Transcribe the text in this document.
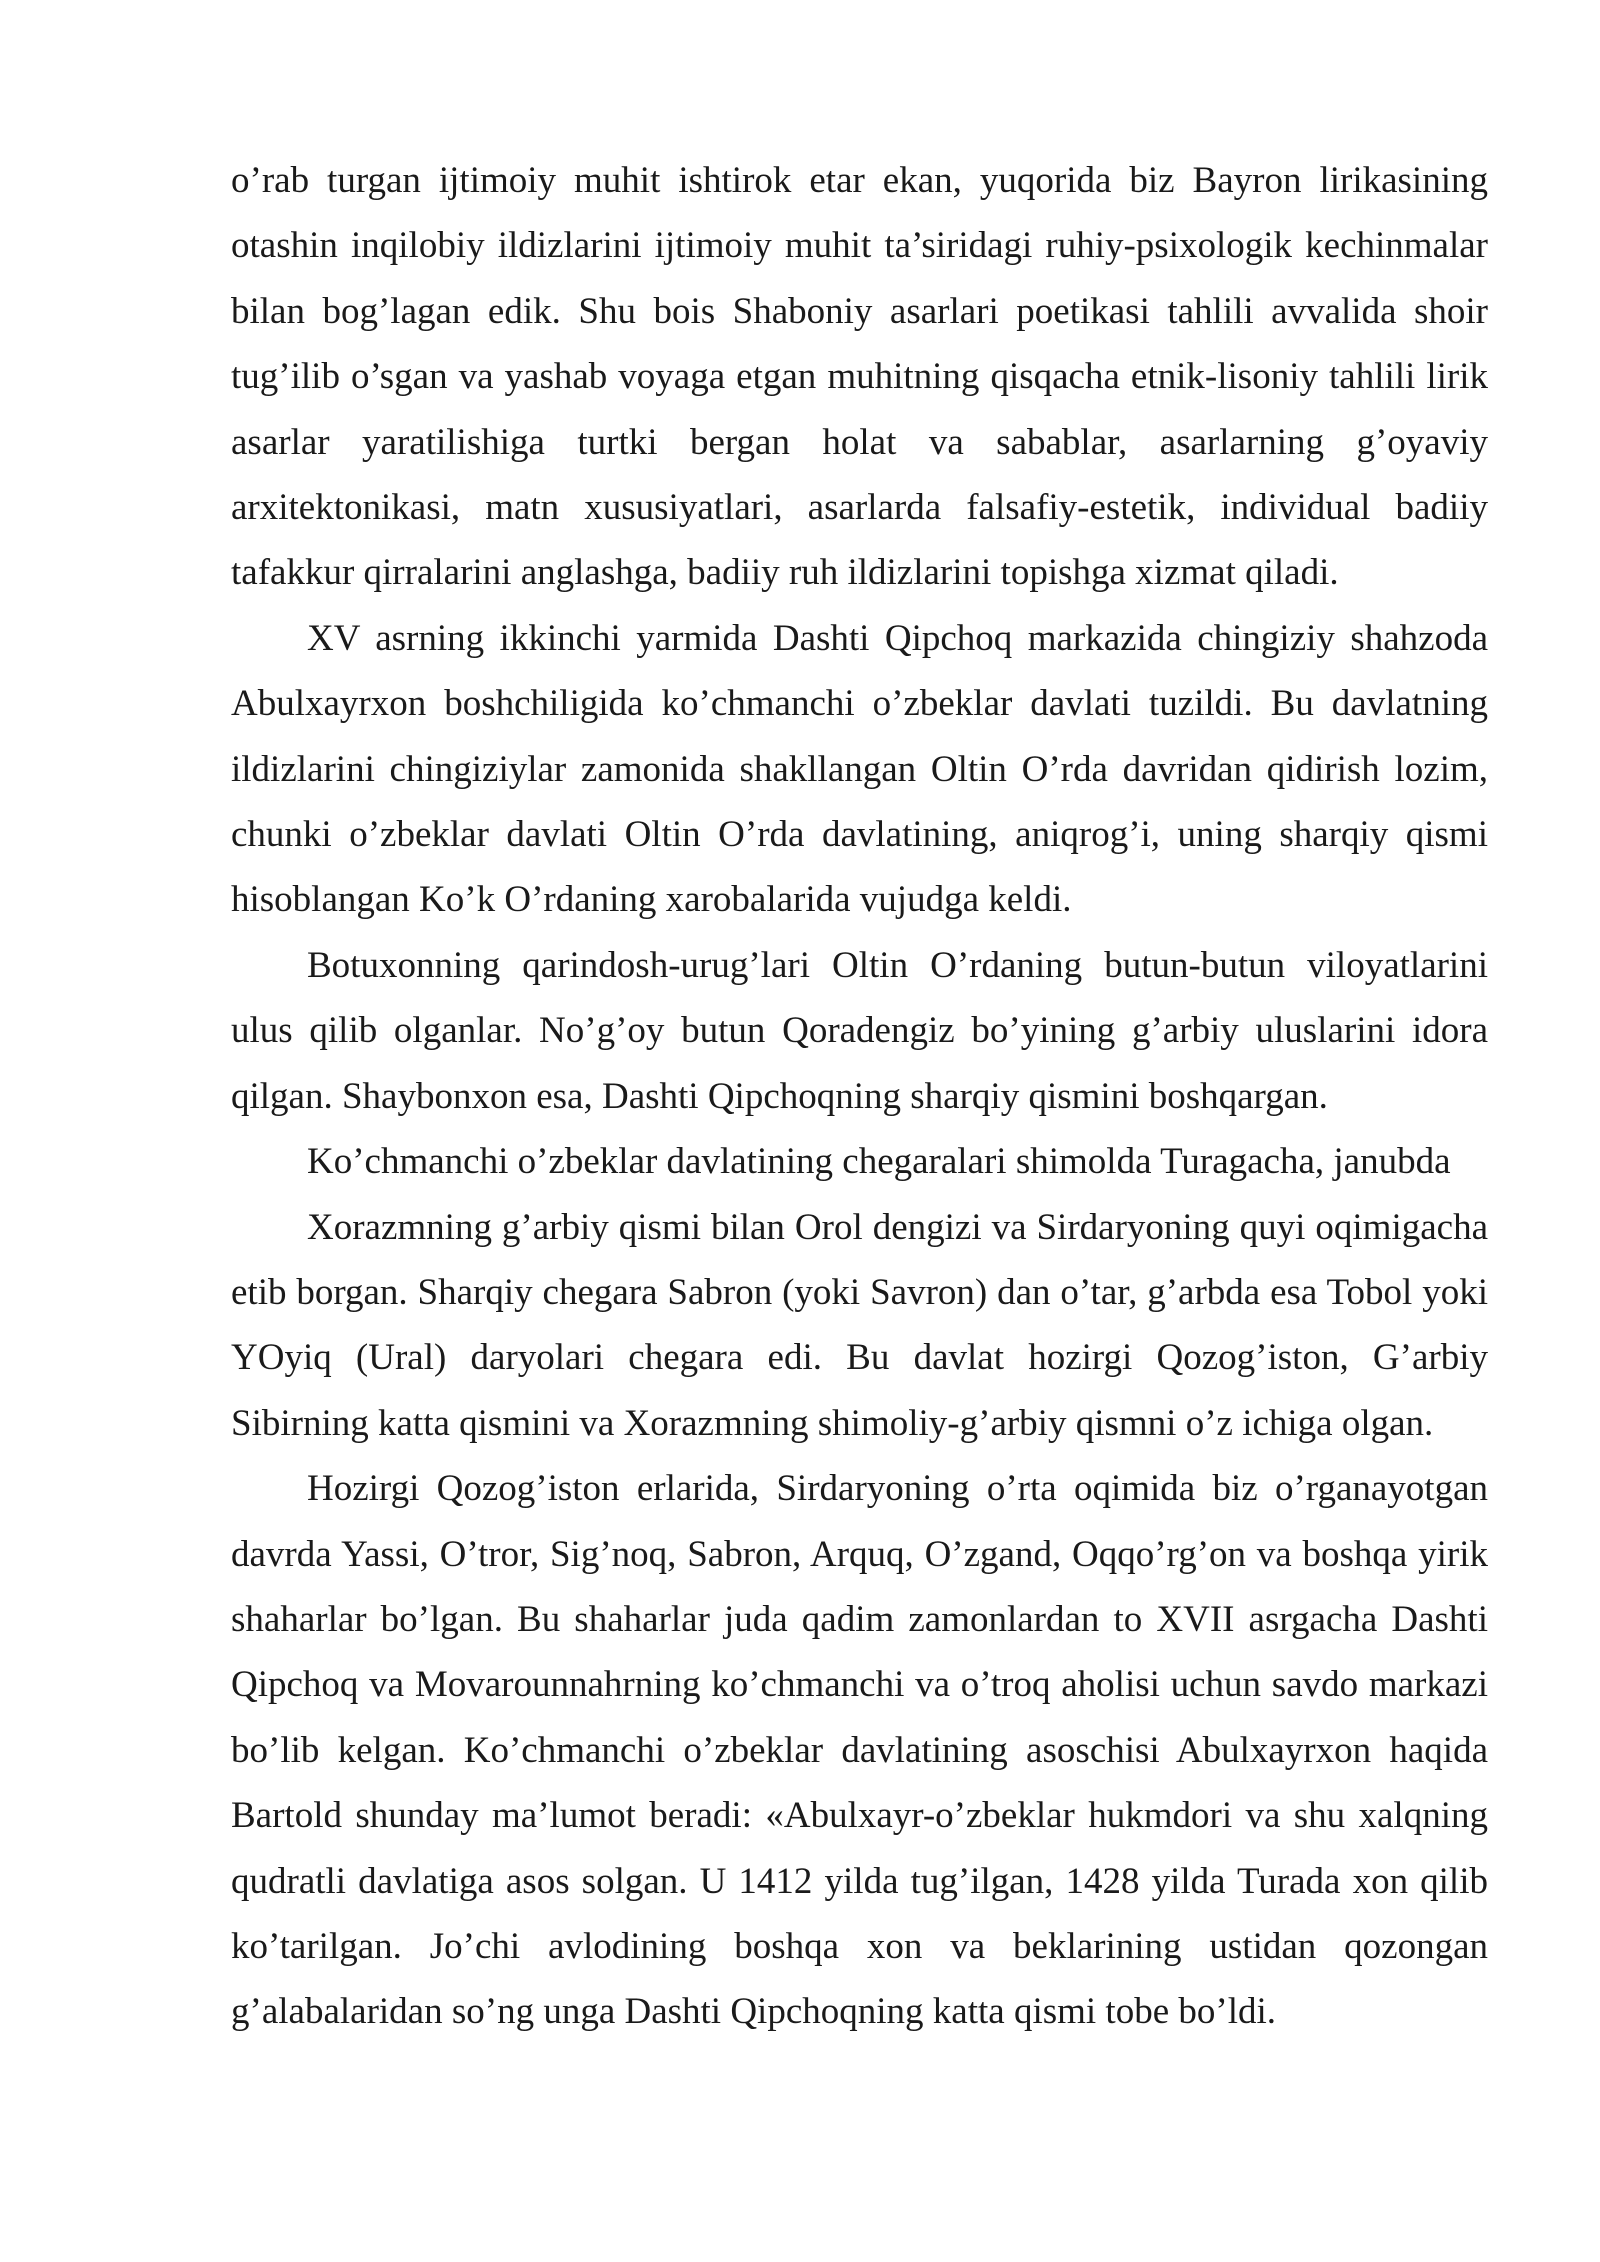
o’rab turgan ijtimoiy muhit ishtirok etar ekan, yuqorida biz Bayron lirikasining otashin inqilobiy ildizlarini ijtimoiy muhit ta’siridagi ruhiy-psixologik kechinmalar bilan bog’lagan edik. Shu bois Shaboniy asarlari poetikasi tahlili avvalida shoir tug’ilib o’sgan va yashab voyaga etgan muhitning qisqacha etnik-lisoniy tahlili lirik asarlar yaratilishiga turtki bergan holat va sabablar, asarlarning g’oyaviy arxitektonikasi, matn xususiyatlari, asarlarda falsafiy-estetik, individual badiiy tafakkur qirralarini anglashga, badiiy ruh ildizlarini topishga xizmat qiladi.

XV asrning ikkinchi yarmida Dashti Qipchoq markazida chingiziy shahzoda Abulxayrxon boshchiligida ko’chmanchi o’zbeklar davlati tuzildi. Bu davlatning ildizlarini chingiziylar zamonida shakllangan Oltin O’rda davridan qidirish lozim, chunki o’zbeklar davlati Oltin O’rda davlatining, aniqrog’i, uning sharqiy qismi hisoblangan Ko’k O’rdaning xarobalarida vujudga keldi.

Botuxonning qarindosh-urug’lari Oltin O’rdaning butun-butun viloyatlarini ulus qilib olganlar. No’g’oy butun Qoradengiz bo’yining g’arbiy uluslarini idora qilgan. Shaybonxon esa, Dashti Qipchoqning sharqiy qismini boshqargan.

Ko’chmanchi o’zbeklar davlatining chegaralari shimolda Turagacha, janubda

Xorazmning g’arbiy qismi bilan Orol dengizi va Sirdaryoning quyi oqimigacha etib borgan. Sharqiy chegara Sabron (yoki Savron) dan o’tar, g’arbda esa Tobol yoki YOyiq (Ural) daryolari chegara edi. Bu davlat hozirgi Qozog’iston, G’arbiy Sibirning katta qismini va Xorazmning shimoliy-g’arbiy qismni o’z ichiga olgan.

Hozirgi Qozog’iston erlarida, Sirdaryoning o’rta oqimida biz o’rganayotgan davrda Yassi, O’tror, Sig’noq, Sabron, Arquq, O’zgand, Oqqo’rg’on va boshqa yirik shaharlar bo’lgan. Bu shaharlar juda qadim zamonlardan to XVII asrgacha Dashti Qipchoq va Movarounnahrning ko’chmanchi va o’troq aholisi uchun savdo markazi bo’lib kelgan. Ko’chmanchi o’zbeklar davlatining asoschisi Abulxayrxon haqida Bartold shunday ma’lumot beradi: «Abulxayr-o’zbeklar hukmdori va shu xalqning qudratli davlatiga asos solgan. U 1412 yilda tug’ilgan, 1428 yilda Turada xon qilib ko’tarilgan. Jo’chi avlodining boshqa xon va beklarining ustidan qozongan g’alabalaridan so’ng unga Dashti Qipchoqning katta qismi tobe bo’ldi.
